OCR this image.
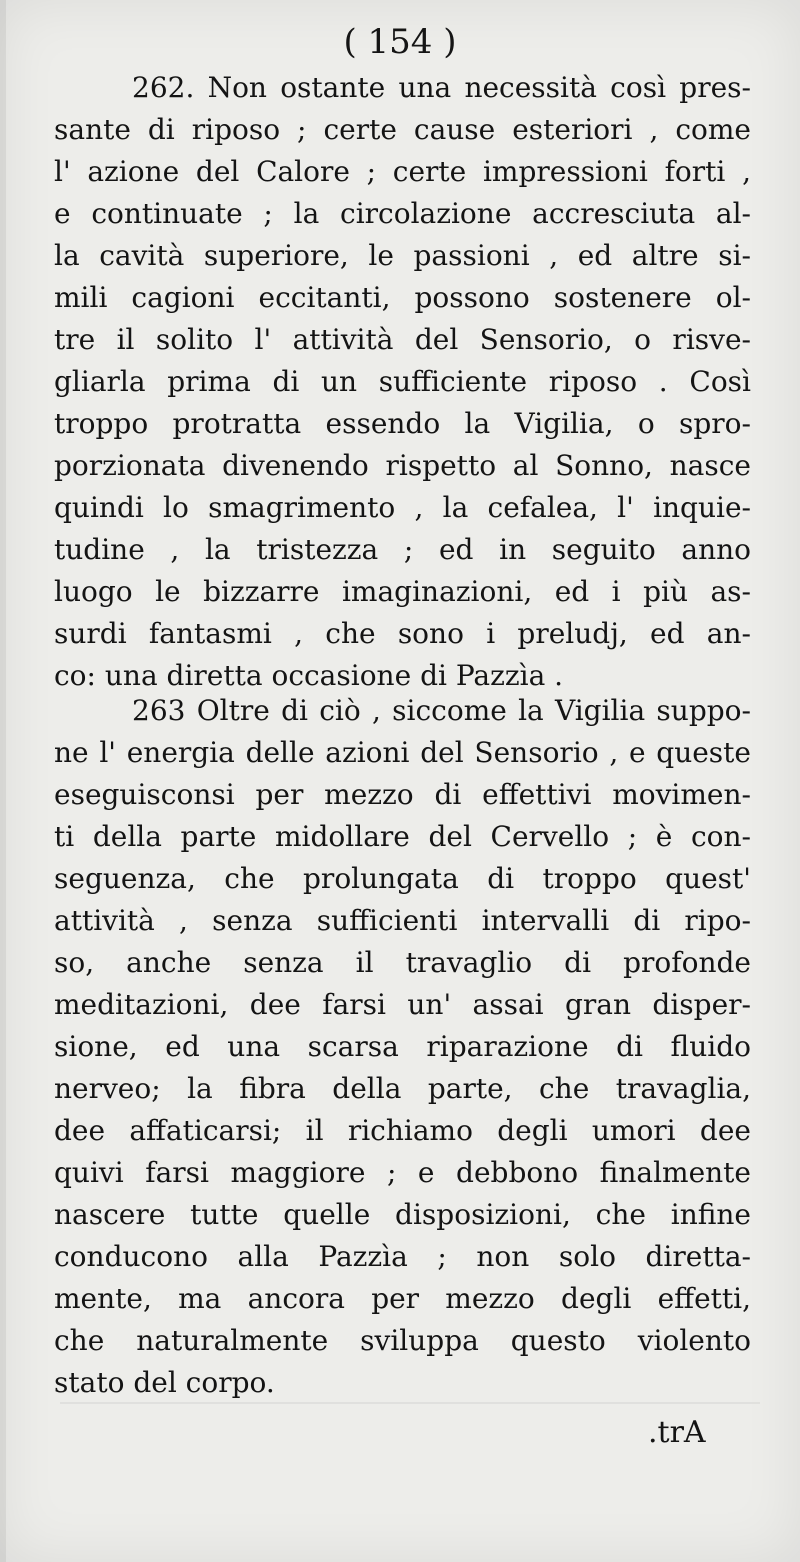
( 154 )
262. Non ostante una necessità così pres-
sante di riposo ; certe cause esteriori , come
l' azione del Calore ; certe impressioni forti ,
e continuate ; la circolazione accresciuta al-
la cavità superiore, le passioni , ed altre si-
mili cagioni eccitanti, possono sostenere ol-
tre il solito l' attività del Sensorio, o risve-
gliarla prima di un sufficiente riposo . Così
troppo protratta essendo la Vigilia, o spro-
porzionata divenendo rispetto al Sonno, nasce
quindi lo smagrimento , la cefalea, l' inquie-
tudine , la tristezza ; ed in seguito anno
luogo le bizzarre imaginazioni, ed i più as-
surdi fantasmi , che sono i preludj, ed an-
co: una diretta occasione di Pazzìa .
263 Oltre di ciò , siccome la Vigilia suppo-
ne l' energia delle azioni del Sensorio , e queste
eseguisconsi per mezzo di effettivi movimen-
ti della parte midollare del Cervello ; è con-
seguenza, che prolungata di troppo quest'
attività , senza sufficienti intervalli di ripo-
so, anche senza il travaglio di profonde
meditazioni, dee farsi un' assai gran disper-
sione, ed una scarsa riparazione di fluido
nerveo; la fibra della parte, che travaglia,
dee affaticarsi; il richiamo degli umori dee
quivi farsi maggiore ; e debbono finalmente
nascere tutte quelle disposizioni, che infine
conducono alla Pazzìa ; non solo diretta-
mente, ma ancora per mezzo degli effetti,
che naturalmente sviluppa questo violento
stato del corpo.
.trA
